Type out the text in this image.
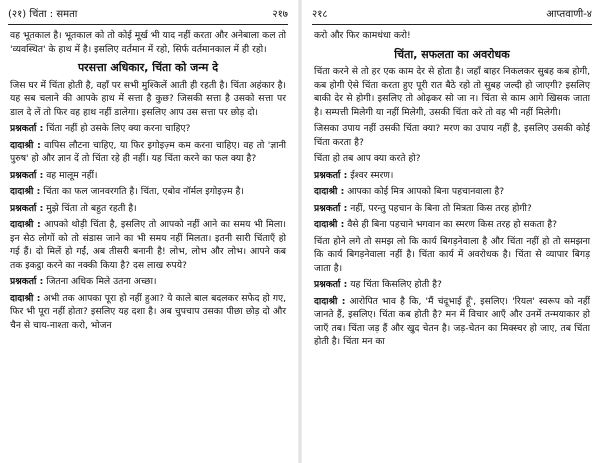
(२१) चिंता : समता	२१७

वह भूतकाल है। भूतकाल को तो कोई मूर्ख भी याद नहीं करता और अनेबाला कल तो 'व्यवस्थित' के हाथ में है। इसलिए वर्तमान में रहो, सिर्फ वर्तमानकाल में ही रहो।

परसत्ता अधिकार, चिंता को जन्म दे

जिस घर में चिंता होती है, वहाँ पर सभी मुश्किलें आती ही रहती है। चिंता अहंकार है। यह सब चलाने की आपके हाथ में सत्ता है कुछ? जिसकी सत्ता है उसको सत्ता पर डाल दे लें तो फिर वह हाथ नहीं डालेगा। इसलिए आप उस सत्ता पर छोड़ दो।

प्रश्नकर्ता : चिंता नहीं हो उसके लिए क्या करना चाहिए?

दादाश्री : वापिस लौटना चाहिए, या फिर इगोइज़्म कम करना चाहिए। वह तो 'ज्ञानी पुरुष' हो और ज्ञान दें तो चिंता रहे ही नहीं। यह चिंता करने का फल क्या है?

प्रश्नकर्ता : वह मालूम नहीं।

दादाश्री : चिंता का फल जानवरगति है। चिंता, एबोव नॉर्मल इगोइज़्म है।

प्रश्नकर्ता : मुझे चिंता तो बहुत रहती है।

दादाश्री : आपको थोड़ी चिंता है, इसलिए तो आपको नहीं आने का समय भी मिला। इन सेठ लोगों को तो संडास जाने का भी समय नहीं मिलता। इतनी सारी चिंताएँ हो गई हैं। दो मिलें हो गईं, अब तीसरी बनानी है! लोभ, लोभ और लोभ। आपने कब तक इकट्ठा करने का नक्की किया है? दस लाख रुपये?

प्रश्नकर्ता : जितना अधिक मिले उतना अच्छा।

दादाश्री : अभी तक आपका पूरा हो नहीं हुआ? ये काले बाल बदलकर सफेद हो गए, फिर भी पूरा नहीं होता? इसलिए यह दशा है। अब चुपचाप उसका पीछा छोड़ दो और चैन से चाय-नाश्ता करो, भोजन

२१८	आप्तवाणी-४

करो और फिर कामधंधा करो!

चिंता, सफलता का अवरोधक

चिंता करने से तो हर एक काम देर से होता है। जहाँ बाहर निकलकर सुबह कब होगी, कब होगी ऐसे चिंता करता हुए पूरी रात बैठे रहो तो सुबह जल्दी हो जाएगी? इसलिए बाकी देर से होगी। इसलिए तो ओढ़कर सो जा न। चिंता से काम आगे खिसक जाता है। सम्पत्ती मिलेगी या नहीं मिलेगी, उसकी चिंता करे तो वह भी नहीं मिलेगी।

जिसका उपाय नहीं उसकी चिंता क्या? मरण का उपाय नहीं है, इसलिए उसकी कोई चिंता करता है?

चिंता हो तब आप क्या करते हो?

प्रश्नकर्ता : ईश्वर स्मरण।

दादाश्री : आपका कोई मित्र आपको बिना पहचानवाला है?

प्रश्नकर्ता : नहीं, परन्तु पहचान के बिना तो मित्रता किस तरह होगी?

दादाश्री : वैसे ही बिना पहचाने भगवान का स्मरण किस तरह हो सकता है?

चिंता होने लगे तो समझ लो कि कार्य बिगड़नेवाला है और चिंता नहीं हो तो समझना कि कार्य बिगड़नेवाला नहीं है। चिंता कार्य में अवरोधक है। चिंता से व्यापार बिगड़ जाता है।

प्रश्नकर्ता : यह चिंता किसलिए होती है?

दादाश्री : आरोपित भाव है कि, 'मैं चंदूभाई हूँ', इसलिए। 'रियल' स्वरूप को नहीं जानते हैं, इसलिए। चिंता कब होती है? मन में विचार आएँ और उनमें तन्मयाकार हो जाएँ तब। चिंता जड़ हैं और खुद चेतन है। जड़-चेतन का मिक्स्चर हो जाए, तब चिंता होती है। चिंता मन का
